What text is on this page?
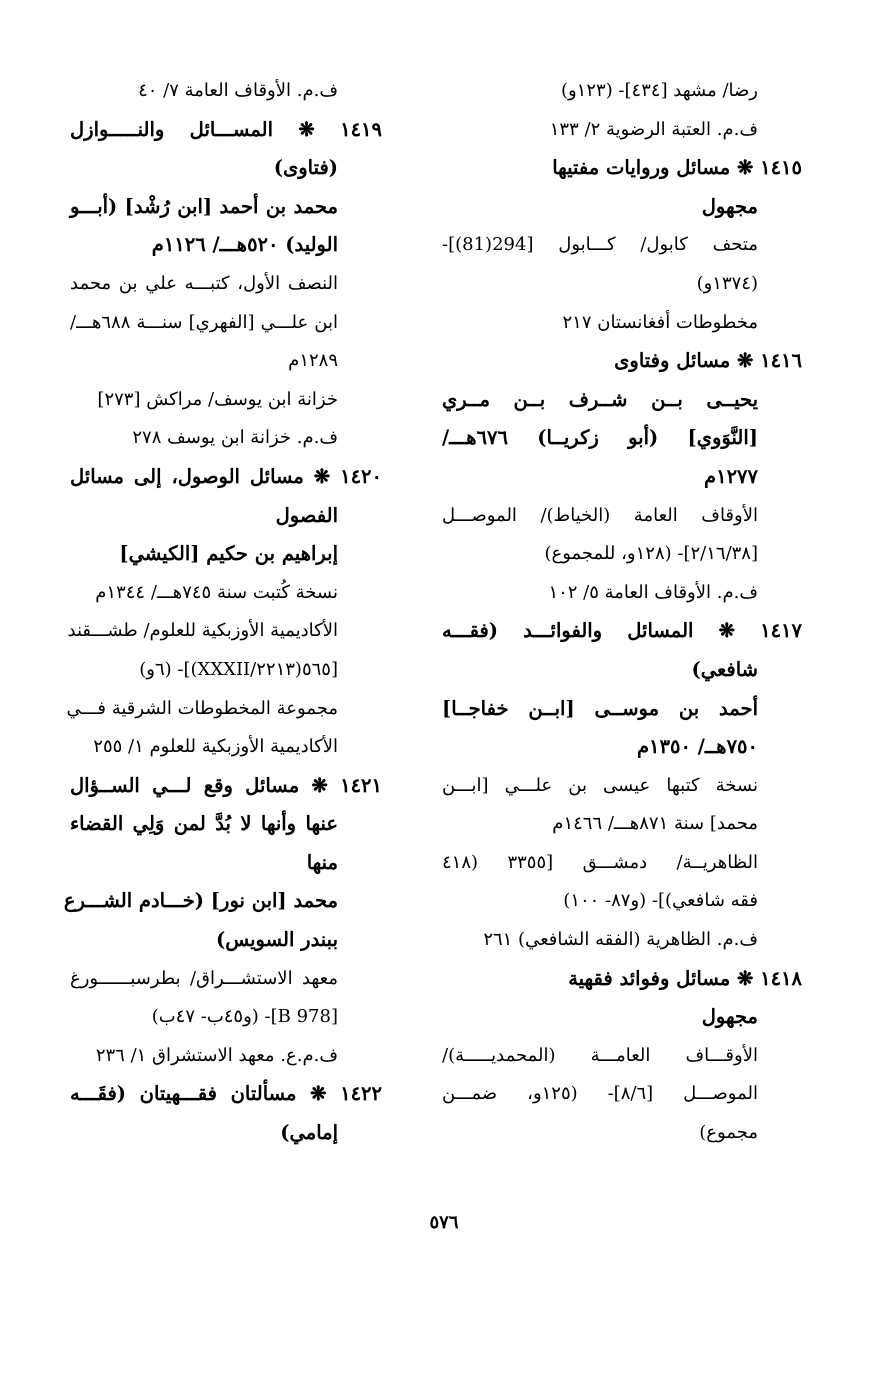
رضا/ مشهد [٤٣٤]- (١٢٣و)
ف.م. العتبة الرضوية ٢/ ١٣٣
١٤١٥ ❋ مسائل وروايات مفتيها
مجهول
متحف كابول/ كـــابول [294(81)]-
(١٣٧٤و)
مخطوطات أفغانستان ٢١٧
١٤١٦ ❋ مسائل وفتاوى
يحيــى بــن شــرف بــن مــري
[النَّوَوي] (أبو زكريــا) ٦٧٦هـــ/
١٢٧٧م
الأوقاف العامة (الخياط)/ الموصـــل
[٢/١٦/٣٨]- (١٢٨و، للمجموع)
ف.م. الأوقاف العامة ٥/ ١٠٢
١٤١٧ ❋ المسائل والفوائـــد (فقـــه
شافعي)
أحمد بن موســى [ابــن خفاجــا]
٧٥٠هــ/ ١٣٥٠م
نسخة كتبها عيسى بن علـــي [ابـــن
محمد] سنة ٨٧١هـــ/ ١٤٦٦م
الظاهريــة/ دمشـــق [٣٣٥٥ (٤١٨
فقه شافعي)]- (و٨٧- ١٠٠)
ف.م. الظاهرية (الفقه الشافعي) ٢٦١
١٤١٨ ❋ مسائل وفوائد فقهية
مجهول
الأوقـــاف العامـــة (المحمديـــــة)/
الموصـــل [٨/٦]- (١٢٥و، ضمـــن
مجموع)
ف.م. الأوقاف العامة ٧/ ٤٠
١٤١٩ ❋ المســـائل والنـــــوازل
(فتاوى)
محمد بن أحمد [ابن رُشْد] (أبـــو
الوليد) ٥٢٠هـــ/ ١١٢٦م
النصف الأول، كتبـــه علي بن محمد
ابن علـــي [الفهري] سنـــة ٦٨٨هـــ/
١٢٨٩م
خزانة ابن يوسف/ مراكش [٢٧٣]
ف.م. خزانة ابن يوسف ٢٧٨
١٤٢٠ ❋ مسائل الوصول، إلى مسائل
الفصول
إبراهيم بن حكيم [الكيشي]
نسخة كُتبت سنة ٧٤٥هـــ/ ١٣٤٤م
الأكاديمية الأوزبكية للعلوم/ طشـــقند
[٥٦٥(٢٢١٣/XXXII)]- (٦و)
مجموعة المخطوطات الشرقية فـــي
الأكاديمية الأوزبكية للعلوم ١/ ٢٥٥
١٤٢١ ❋ مسائل وقع لـــي الســؤال
عنها وأنها لا بُدَّ لمن وَلِي القضاء
منها
محمد [ابن نور] (خـــادم الشـــرع
ببندر السويس)
معهد الاستشـــراق/ بطرسبــــــورغ
[B 978]- (و٤٥ب- ٤٧ب)
ف.م.ع. معهد الاستشراق ١/ ٢٣٦
١٤٢٢ ❋ مسألتان فقـــهيتان (فقَـــه
إمامي)
٥٧٦
